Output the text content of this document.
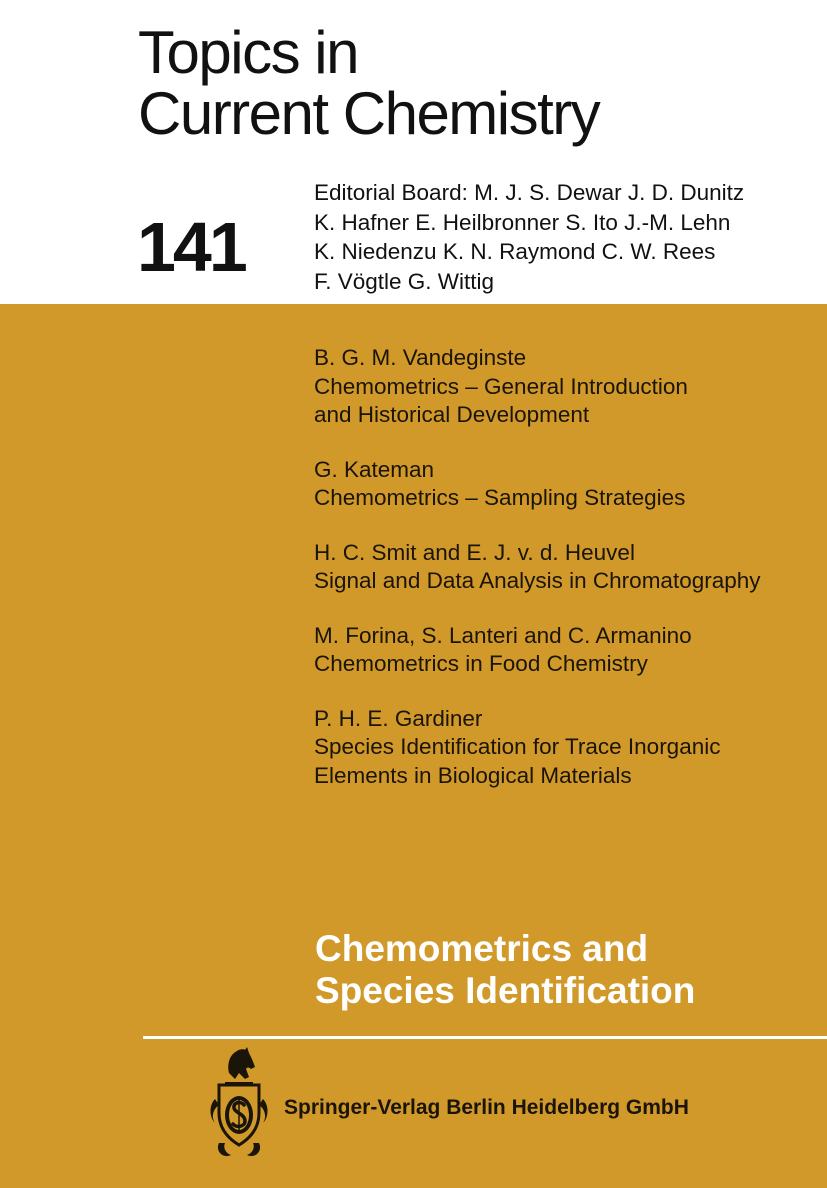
Topics in
Current Chemistry
141
Editorial Board: M. J. S. Dewar J. D. Dunitz
K. Hafner E. Heilbronner S. Ito J.-M. Lehn
K. Niedenzu K. N. Raymond C. W. Rees
F. Vögtle G. Wittig
B. G. M. Vandeginste
Chemometrics – General Introduction
and Historical Development
G. Kateman
Chemometrics – Sampling Strategies
H. C. Smit and E. J. v. d. Heuvel
Signal and Data Analysis in Chromatography
M. Forina, S. Lanteri and C. Armanino
Chemometrics in Food Chemistry
P. H. E. Gardiner
Species Identification for Trace Inorganic
Elements in Biological Materials
Chemometrics and
Species Identification
Springer-Verlag Berlin Heidelberg GmbH
